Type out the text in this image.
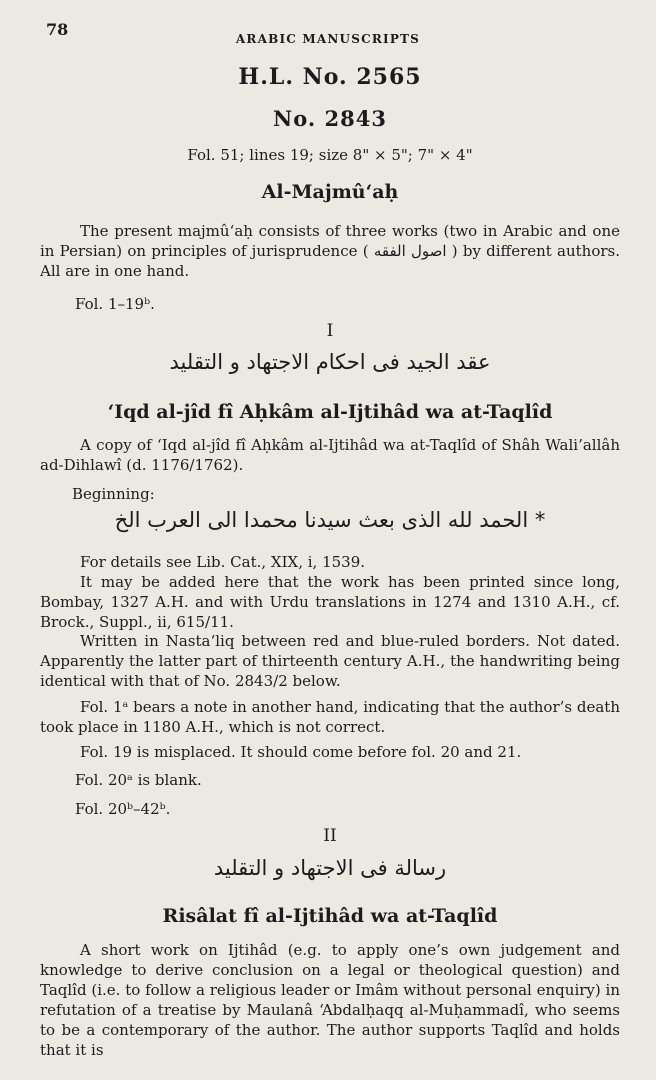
78	ARABIC MANUSCRIPTS
H.L. No. 2565
No. 2843
Fol. 51; lines 19; size 8" × 5"; 7" × 4"
Al-Majmû‘aḥ
The present majmû‘aḥ consists of three works (two in Arabic and one in Persian) on principles of jurisprudence ( اصول الفقه ) by different authors. All are in one hand.
Fol. 1–19ᵇ.
I
عقد الجيد فى احكام الاجتهاد و التقليد
‘Iqd al-jîd fî Aḥkâm al-Ijtihâd wa at-Taqlîd
A copy of ‘Iqd al-jîd fî Aḥkâm al-Ijtihâd wa at-Taqlîd of Shâh Wali’allâh ad-Dihlawî (d. 1176/1762).
Beginning:
* الحمد لله الذى بعث سيدنا محمدا الى العرب الخ
For details see Lib. Cat., XIX, i, 1539.
It may be added here that the work has been printed since long, Bombay, 1327 A.H. and with Urdu translations in 1274 and 1310 A.H., cf. Brock., Suppl., ii, 615/11.
Written in Nasta‘liq between red and blue-ruled borders. Not dated. Apparently the latter part of thirteenth century A.H., the handwriting being identical with that of No. 2843/2 below.
Fol. 1ᵃ bears a note in another hand, indicating that the author’s death took place in 1180 A.H., which is not correct.
Fol. 19 is misplaced. It should come before fol. 20 and 21.
Fol. 20ᵃ is blank.
Fol. 20ᵇ–42ᵇ.
II
رسالة فى الاجتهاد و التقليد
Risâlat fî al-Ijtihâd wa at-Taqlîd
A short work on Ijtihâd (e.g. to apply one’s own judgement and knowledge to derive conclusion on a legal or theological question) and Taqlîd (i.e. to follow a religious leader or Imâm without personal enquiry) in refutation of a treatise by Maulanâ ‘Abdalḥaqq al-Muḥammadî, who seems to be a contemporary of the author. The author supports Taqlîd and holds that it is
